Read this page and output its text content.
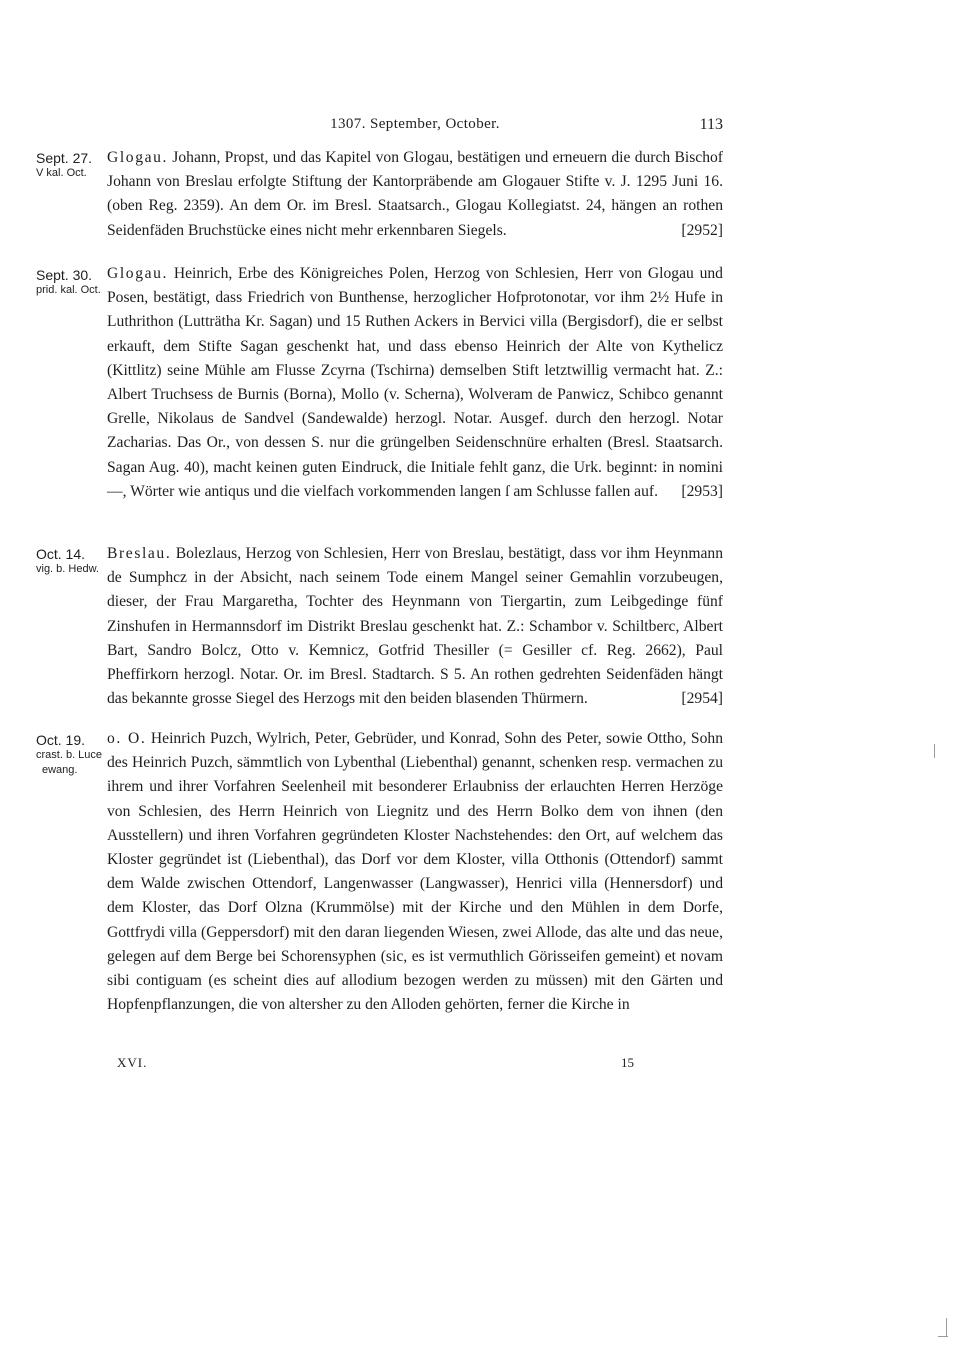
1307. September, October.	113
Sept. 27.
V kal. Oct.
Glogau. Johann, Propst, und das Kapitel von Glogau, bestätigen und erneuern die durch Bischof Johann von Breslau erfolgte Stiftung der Kantorpräbende am Glogauer Stifte v. J. 1295 Juni 16. (oben Reg. 2359). An dem Or. im Bresl. Staatsarch., Glogau Kollegiatst. 24, hängen an rothen Seidenfäden Bruchstücke eines nicht mehr erkennbaren Siegels.	[2952]
Sept. 30.
prid. kal. Oct.
Glogau. Heinrich, Erbe des Königreiches Polen, Herzog von Schlesien, Herr von Glogau und Posen, bestätigt, dass Friedrich von Bunthense, herzoglicher Hofprotonotar, vor ihm 2½ Hufe in Luthrithon (Lutträtha Kr. Sagan) und 15 Ruthen Ackers in Bervici villa (Bergisdorf), die er selbst erkauft, dem Stifte Sagan geschenkt hat, und dass ebenso Heinrich der Alte von Kythelicz (Kittlitz) seine Mühle am Flusse Zcyrna (Tschirna) demselben Stift letztwillig vermacht hat. Z.: Albert Truchsess de Burnis (Borna), Mollo (v. Scherna), Wolveram de Panwicz, Schibco genannt Grelle, Nikolaus de Sandvel (Sandewalde) herzogl. Notar. Ausgef. durch den herzogl. Notar Zacharias. Das Or., von dessen S. nur die grüngelben Seidenschnüre erhalten (Bresl. Staatsarch. Sagan Aug. 40), macht keinen guten Eindruck, die Initiale fehlt ganz, die Urk. beginnt: in nomini —, Wörter wie antiqus und die vielfach vorkommenden langen ſ am Schlusse fallen auf. [2953]
Oct. 14.
vig. b. Hedw.
Breslau. Bolezlaus, Herzog von Schlesien, Herr von Breslau, bestätigt, dass vor ihm Heynmann de Sumphcz in der Absicht, nach seinem Tode einem Mangel seiner Gemahlin vorzubeugen, dieser, der Frau Margaretha, Tochter des Heynmann von Tiergartin, zum Leibgedinge fünf Zinshufen in Hermannsdorf im Distrikt Breslau geschenkt hat. Z.: Schambor v. Schiltberc, Albert Bart, Sandro Bolcz, Otto v. Kemnicz, Gotfrid Thesiller (= Gesiller cf. Reg. 2662), Paul Pheffirkorn herzogl. Notar. Or. im Bresl. Stadtarch. S 5. An rothen gedrehten Seidenfäden hängt das bekannte grosse Siegel des Herzogs mit den beiden blasenden Thürmern.	[2954]
Oct. 19.
crast. b. Luce
ewang.
o. O. Heinrich Puzch, Wylrich, Peter, Gebrüder, und Konrad, Sohn des Peter, sowie Ottho, Sohn des Heinrich Puzch, sämmtlich von Lybenthal (Liebenthal) genannt, schenken resp. vermachen zu ihrem und ihrer Vorfahren Seelenheil mit besonderer Erlaubniss der erlauchten Herren Herzöge von Schlesien, des Herrn Heinrich von Liegnitz und des Herrn Bolko dem von ihnen (den Ausstellern) und ihren Vorfahren gegründeten Kloster Nachstehendes: den Ort, auf welchem das Kloster gegründet ist (Liebenthal), das Dorf vor dem Kloster, villa Otthonis (Ottendorf) sammt dem Walde zwischen Ottendorf, Langenwasser (Langwasser), Henrici villa (Hennersdorf) und dem Kloster, das Dorf Olzna (Krummölse) mit der Kirche und den Mühlen in dem Dorfe, Gottfrydi villa (Geppersdorf) mit den daran liegenden Wiesen, zwei Allode, das alte und das neue, gelegen auf dem Berge bei Schorensyphen (sic, es ist vermuthlich Görisseifen gemeint) et novam sibi contiguam (es scheint dies auf allodium bezogen werden zu müssen) mit den Gärten und Hopfenpflanzungen, die von altersher zu den Alloden gehörten, ferner die Kirche in
XVI.	15
